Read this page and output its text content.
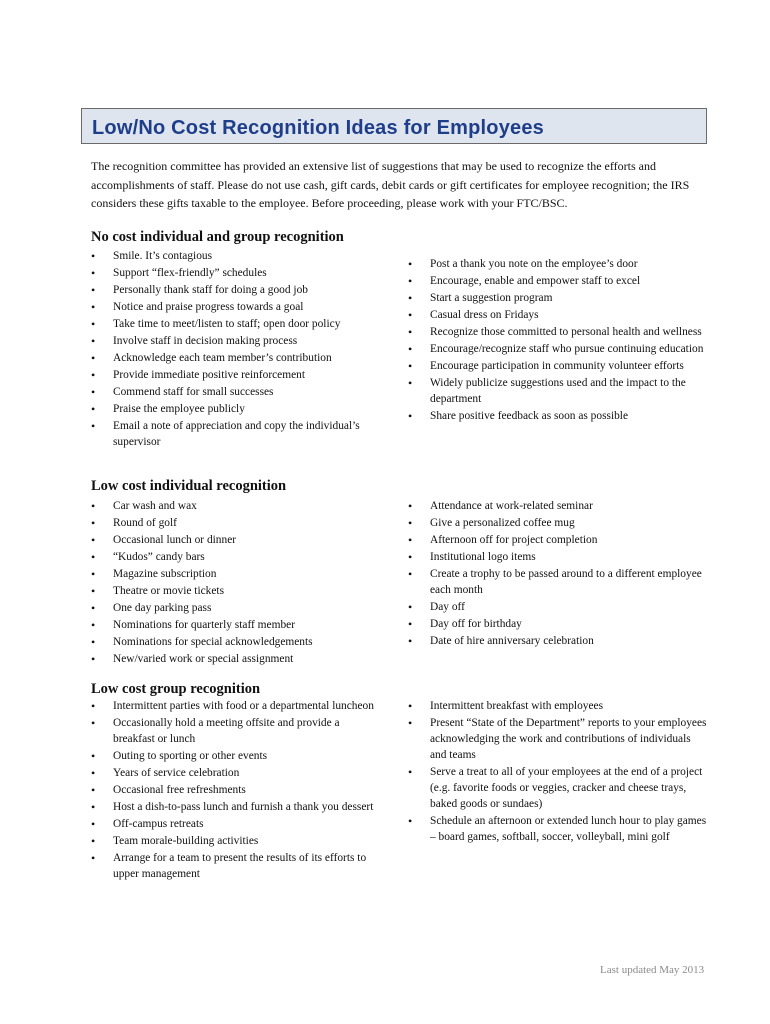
Low/No Cost Recognition Ideas for Employees
The recognition committee has provided an extensive list of suggestions that may be used to recognize the efforts and accomplishments of staff. Please do not use cash, gift cards, debit cards or gift certificates for employee recognition; the IRS considers these gifts taxable to the employee. Before proceeding, please work with your FTC/BSC.
No cost individual and group recognition
• Smile. It’s contagious
• Support “flex-friendly” schedules
• Personally thank staff for doing a good job
• Notice and praise progress towards a goal
• Take time to meet/listen to staff; open door policy
• Involve staff in decision making process
• Acknowledge each team member’s contribution
• Provide immediate positive reinforcement
• Commend staff for small successes
• Praise the employee publicly
• Email a note of appreciation and copy the individual’s supervisor
• Post a thank you note on the employee’s door
• Encourage, enable and empower staff to excel
• Start a suggestion program
• Casual dress on Fridays
• Recognize those committed to personal health and wellness
• Encourage/recognize staff who pursue continuing education
• Encourage participation in community volunteer efforts
• Widely publicize suggestions used and the impact to the department
• Share positive feedback as soon as possible
Low cost individual recognition
• Car wash and wax
• Round of golf
• Occasional lunch or dinner
• “Kudos” candy bars
• Magazine subscription
• Theatre or movie tickets
• One day parking pass
• Nominations for quarterly staff member
• Nominations for special acknowledgements
• New/varied work or special assignment
• Attendance at work-related seminar
• Give a personalized coffee mug
• Afternoon off for project completion
• Institutional logo items
• Create a trophy to be passed around to a different employee each month
• Day off
• Day off for birthday
• Date of hire anniversary celebration
Low cost group recognition
• Intermittent parties with food or a departmental luncheon
• Occasionally hold a meeting offsite and provide a breakfast or lunch
• Outing to sporting or other events
• Years of service celebration
• Occasional free refreshments
• Host a dish-to-pass lunch and furnish a thank you dessert
• Off-campus retreats
• Team morale-building activities
• Arrange for a team to present the results of its efforts to upper management
• Intermittent breakfast with employees
• Present “State of the Department” reports to your employees acknowledging the work and contributions of individuals and teams
• Serve a treat to all of your employees at the end of a project (e.g. favorite foods or veggies, cracker and cheese trays, baked goods or sundaes)
• Schedule an afternoon or extended lunch hour to play games – board games, softball, soccer, volleyball, mini golf
Last updated May 2013
